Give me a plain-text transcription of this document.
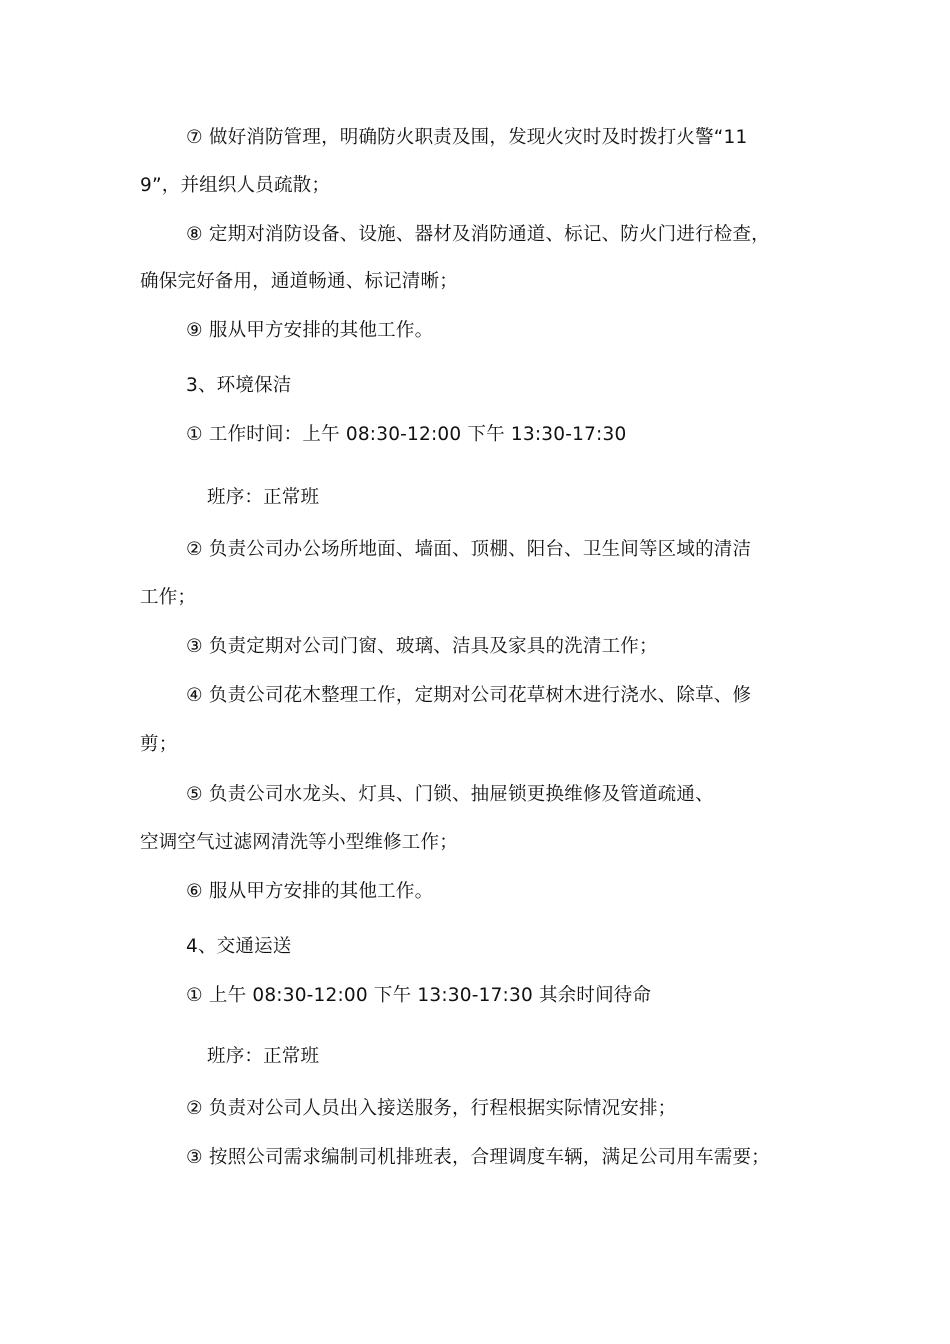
⑦ 做好消防管理，明确防火职责及围，发现火灾时及时拨打火警“11
9”，并组织人员疏散；
⑧ 定期对消防设备、设施、器材及消防通道、标记、防火门进行检查，
确保完好备用，通道畅通、标记清晰；
⑨ 服从甲方安排的其他工作。
3、环境保洁
① 工作时间：上午 08:30-12:00 下午 13:30-17:30
班序：正常班
② 负责公司办公场所地面、墙面、顶棚、阳台、卫生间等区域的清洁
工作；
③ 负责定期对公司门窗、玻璃、洁具及家具的洗清工作；
④ 负责公司花木整理工作，定期对公司花草树木进行浇水、除草、修
剪；
⑤ 负责公司水龙头、灯具、门锁、抽屉锁更换维修及管道疏通、
空调空气过滤网清洗等小型维修工作；
⑥ 服从甲方安排的其他工作。
4、交通运送
① 上午 08:30-12:00 下午 13:30-17:30 其余时间待命
班序：正常班
② 负责对公司人员出入接送服务，行程根据实际情况安排；
③ 按照公司需求编制司机排班表，合理调度车辆，满足公司用车需要；
